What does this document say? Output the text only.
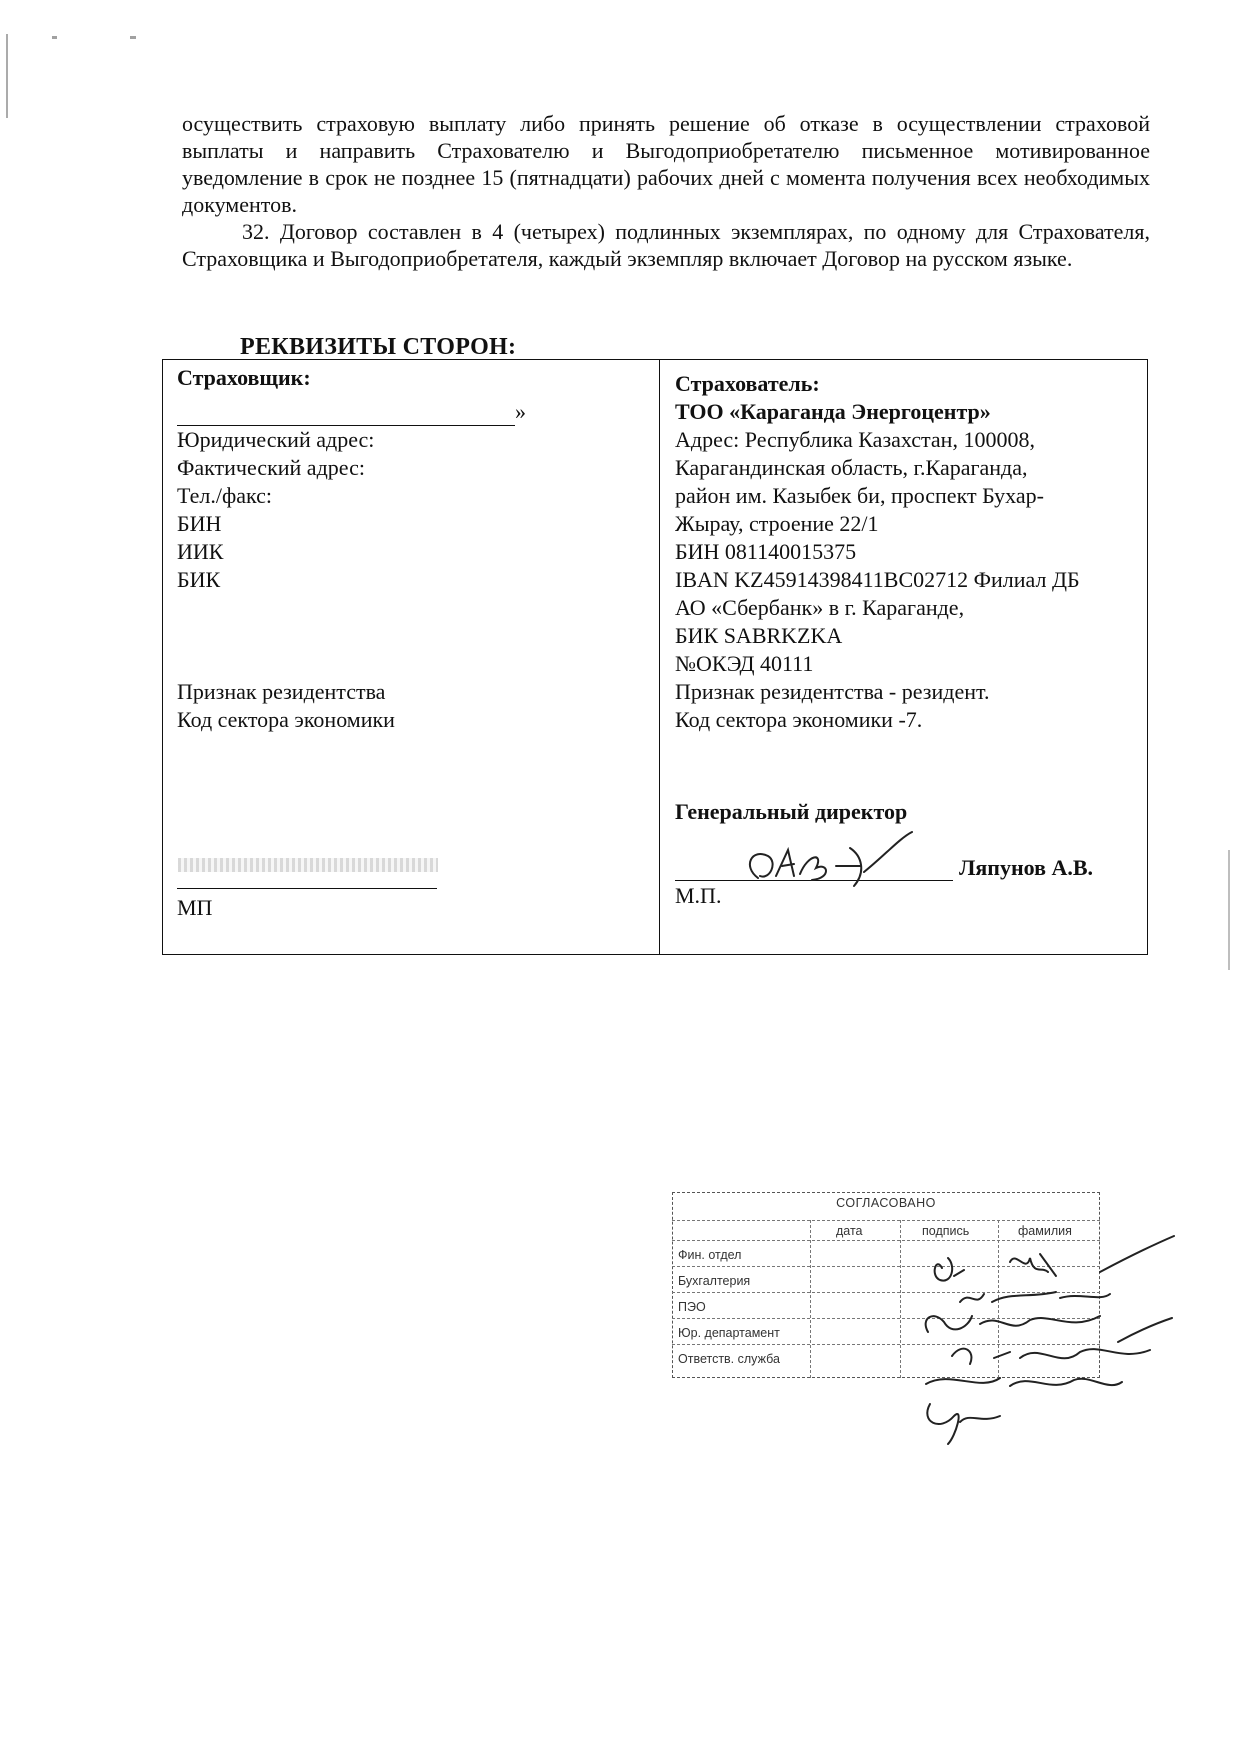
осуществить страховую выплату либо принять решение об отказе в осуществлении страховой выплаты и направить Страхователю и Выгодоприобретателю письменное мотивированное уведомление в срок не позднее 15 (пятнадцати) рабочих дней с момента получения всех необходимых документов.

32. Договор составлен в 4 (четырех) подлинных экземплярах, по одному для Страхователя, Страховщика и Выгодоприобретателя, каждый экземпляр включает Договор на русском языке.

РЕКВИЗИТЫ СТОРОН:
Страховщик:
»
Юридический адрес:
Фактический адрес:
Тел./факс:
БИН
ИИК
БИК
Признак резидентства
Код сектора экономики
МП
Страхователь:
ТОО «Караганда Энергоцентр»
Адрес: Республика Казахстан, 100008,
Карагандинская область, г.Караганда,
район им. Казыбек би, проспект Бухар-
Жырау, строение 22/1
БИН 081140015375
IBAN KZ45914398411BC02712 Филиал ДБ
АО «Сбербанк» в г. Караганде,
БИК SABRKZKA
№ОКЭД 40111
Признак резидентства - резидент.
Код сектора экономики -7.
Генеральный директор
Ляпунов А.В.
М.П.
СОГЛАСОВАНО
дата	подпись	фамилия
Фин. отдел
Бухгалтерия
ПЭО
Юр. департамент
Ответств. служба
